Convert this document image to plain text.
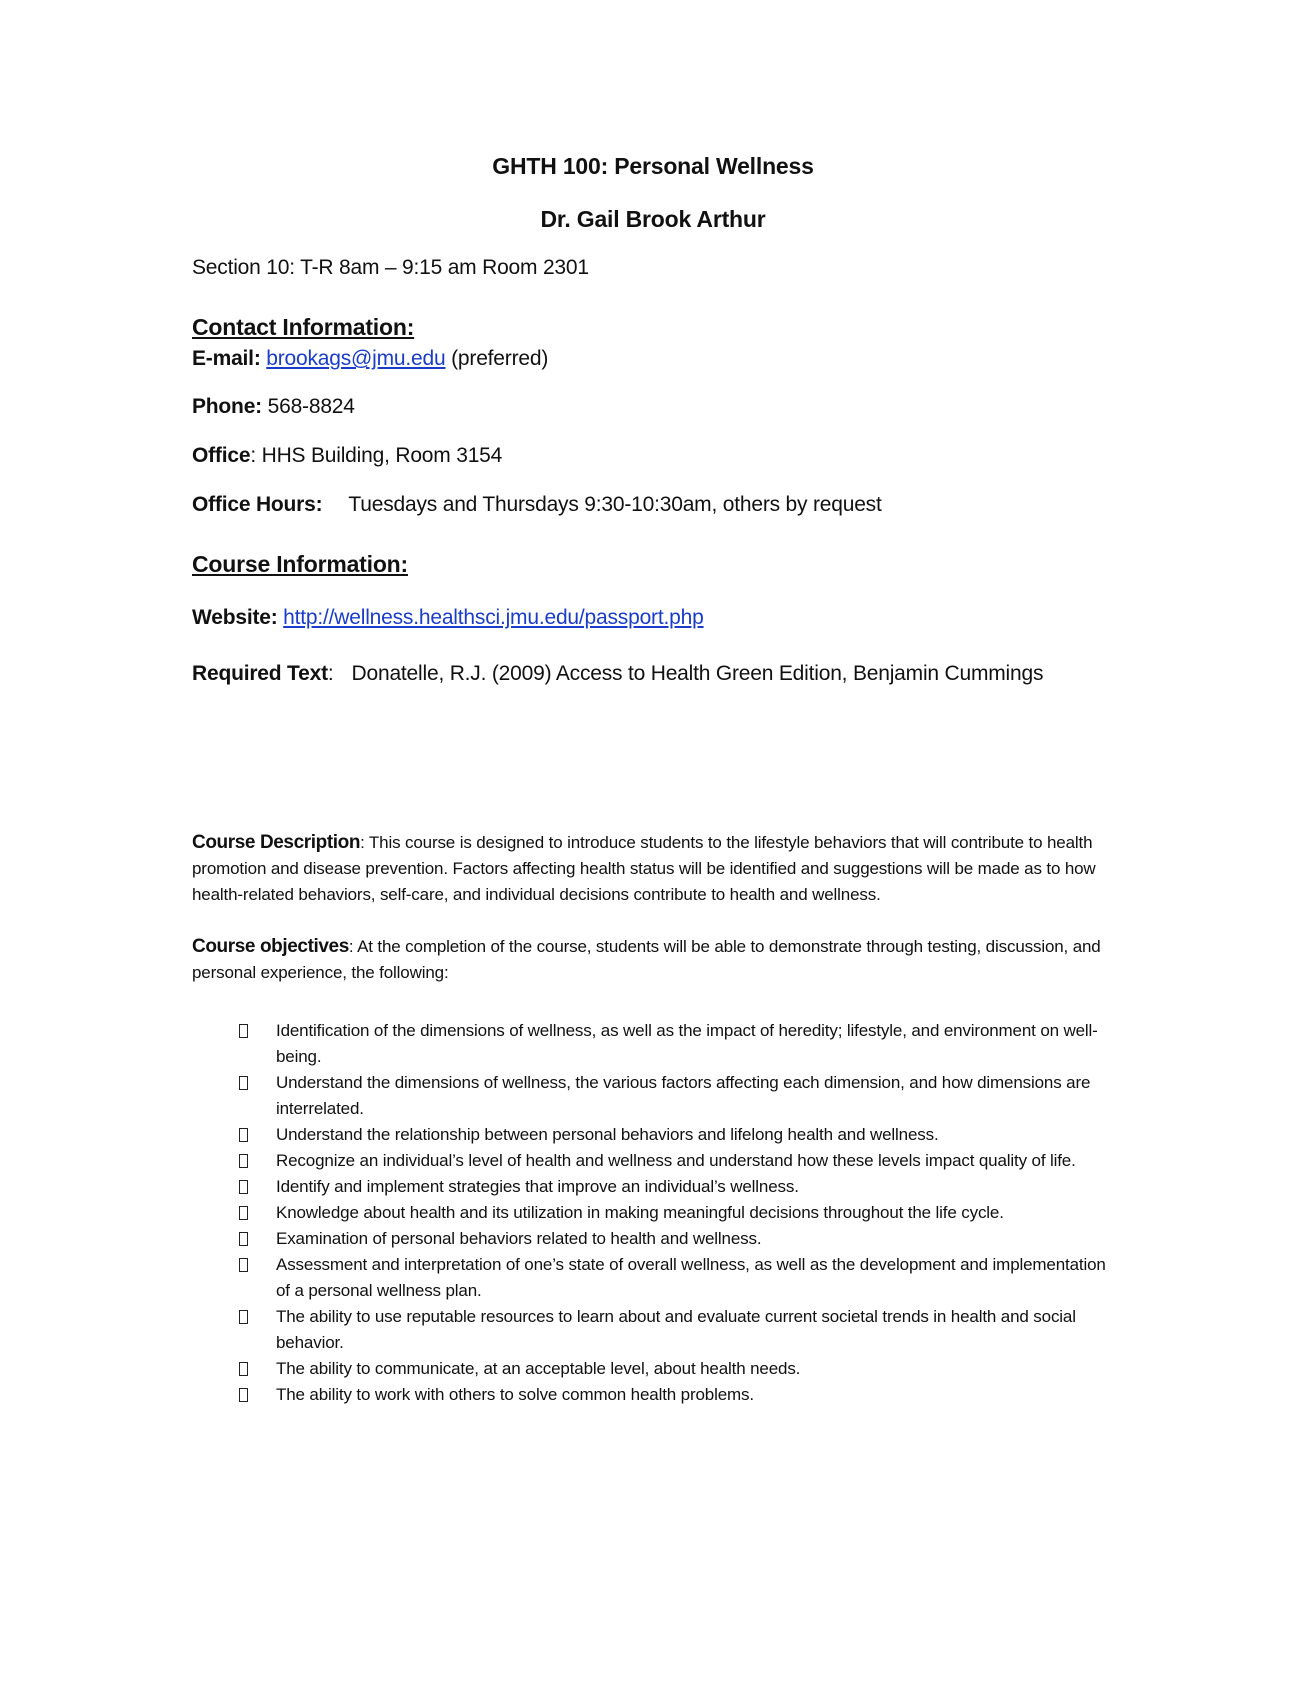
GHTH 100: Personal Wellness
Dr. Gail Brook Arthur
Section 10: T-R 8am – 9:15 am Room 2301
Contact Information:
E-mail: brookags@jmu.edu (preferred)
Phone: 568-8824
Office: HHS Building, Room 3154
Office Hours: Tuesdays and Thursdays 9:30-10:30am, others by request
Course Information:
Website: http://wellness.healthsci.jmu.edu/passport.php
Required Text: Donatelle, R.J. (2009) Access to Health Green Edition, Benjamin Cummings
Course Description: This course is designed to introduce students to the lifestyle behaviors that will contribute to health promotion and disease prevention. Factors affecting health status will be identified and suggestions will be made as to how health-related behaviors, self-care, and individual decisions contribute to health and wellness.
Course objectives: At the completion of the course, students will be able to demonstrate through testing, discussion, and personal experience, the following:
Identification of the dimensions of wellness, as well as the impact of heredity; lifestyle, and environment on well-being.
Understand the dimensions of wellness, the various factors affecting each dimension, and how dimensions are interrelated.
Understand the relationship between personal behaviors and lifelong health and wellness.
Recognize an individual’s level of health and wellness and understand how these levels impact quality of life.
Identify and implement strategies that improve an individual’s wellness.
Knowledge about health and its utilization in making meaningful decisions throughout the life cycle.
Examination of personal behaviors related to health and wellness.
Assessment and interpretation of one’s state of overall wellness, as well as the development and implementation of a personal wellness plan.
The ability to use reputable resources to learn about and evaluate current societal trends in health and social behavior.
The ability to communicate, at an acceptable level, about health needs.
The ability to work with others to solve common health problems.
